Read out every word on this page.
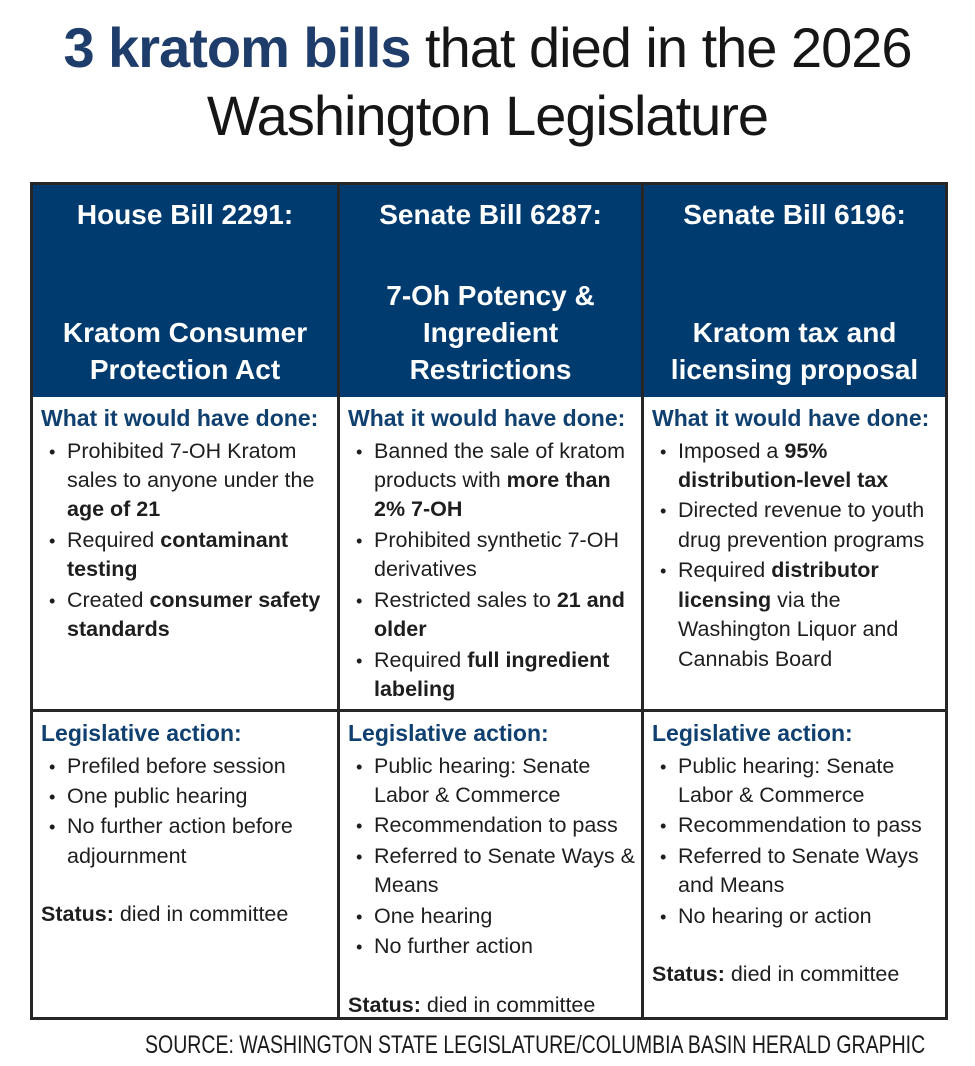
3 kratom bills that died in the 2026 Washington Legislature
House Bill 2291:
Kratom Consumer Protection Act
Senate Bill 6287:
7-Oh Potency & Ingredient Restrictions
Senate Bill 6196:
Kratom tax and licensing proposal
What it would have done:
• Prohibited 7-OH Kratom sales to anyone under the age of 21
• Required contaminant testing
• Created consumer safety standards
What it would have done:
• Banned the sale of kratom products with more than 2% 7-OH
• Prohibited synthetic 7-OH derivatives
• Restricted sales to 21 and older
• Required full ingredient labeling
What it would have done:
• Imposed a 95% distribution-level tax
• Directed revenue to youth drug prevention programs
• Required distributor licensing via the Washington Liquor and Cannabis Board
Legislative action:
• Prefiled before session
• One public hearing
• No further action before adjournment
Status: died in committee
Legislative action:
• Public hearing: Senate Labor & Commerce
• Recommendation to pass
• Referred to Senate Ways & Means
• One hearing
• No further action
Status: died in committee
Legislative action:
• Public hearing: Senate Labor & Commerce
• Recommendation to pass
• Referred to Senate Ways and Means
• No hearing or action
Status: died in committee
SOURCE: WASHINGTON STATE LEGISLATURE/COLUMBIA BASIN HERALD GRAPHIC
